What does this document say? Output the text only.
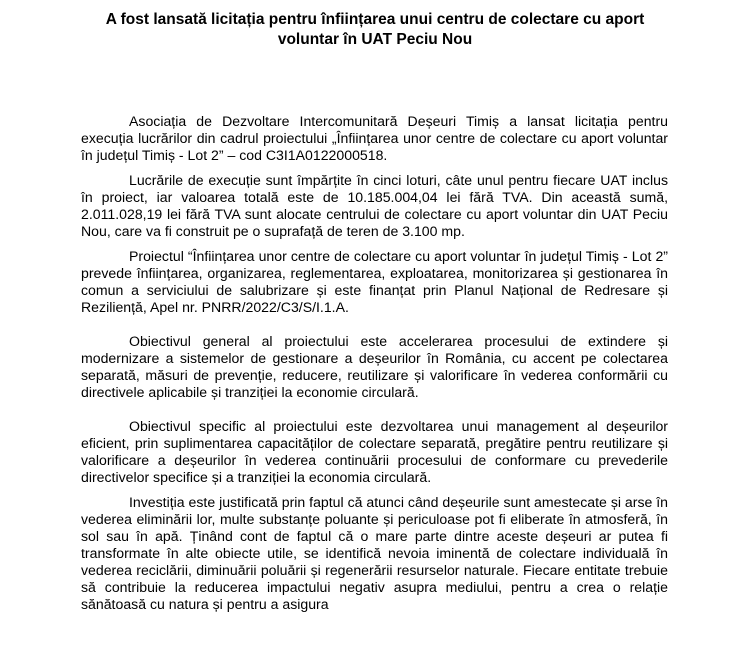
A fost lansată licitația pentru înființarea unui centru de colectare cu aport
voluntar în UAT Peciu Nou

Asociația de Dezvoltare Intercomunitară Deșeuri Timiș a lansat licitația pentru execuția lucrărilor din cadrul proiectului „Înființarea unor centre de colectare cu aport voluntar în județul Timiș - Lot 2” – cod C3I1A0122000518.

Lucrările de execuție sunt împărțite în cinci loturi, câte unul pentru fiecare UAT inclus în proiect, iar valoarea totală este de 10.185.004,04 lei fără TVA. Din această sumă, 2.011.028,19 lei fără TVA sunt alocate centrului de colectare cu aport voluntar din UAT Peciu Nou, care va fi construit pe o suprafață de teren de 3.100 mp.

Proiectul “Înființarea unor centre de colectare cu aport voluntar în județul Timiș - Lot 2” prevede înființarea, organizarea, reglementarea, exploatarea, monitorizarea și gestionarea în comun a serviciului de salubrizare și este finanțat prin Planul Național de Redresare și Reziliență, Apel nr. PNRR/2022/C3/S/I.1.A.

Obiectivul general al proiectului este accelerarea procesului de extindere și modernizare a sistemelor de gestionare a deșeurilor în România, cu accent pe colectarea separată, măsuri de prevenție, reducere, reutilizare și valorificare în vederea conformării cu directivele aplicabile și tranziției la economie circulară.

Obiectivul specific al proiectului este dezvoltarea unui management al deșeurilor eficient, prin suplimentarea capacităților de colectare separată, pregătire pentru reutilizare și valorificare a deșeurilor în vederea continuării procesului de conformare cu prevederile directivelor specifice și a tranziției la economia circulară.

Investiția este justificată prin faptul că atunci când deșeurile sunt amestecate și arse în vederea eliminării lor, multe substanțe poluante și periculoase pot fi eliberate în atmosferă, în sol sau în apă. Ținând cont de faptul că o mare parte dintre aceste deșeuri ar putea fi transformate în alte obiecte utile, se identifică nevoia iminentă de colectare individuală în vederea reciclării, diminuării poluării și regenerării resurselor naturale. Fiecare entitate trebuie să contribuie la reducerea impactului negativ asupra mediului, pentru a crea o relație sănătoasă cu natura și pentru a asigura
